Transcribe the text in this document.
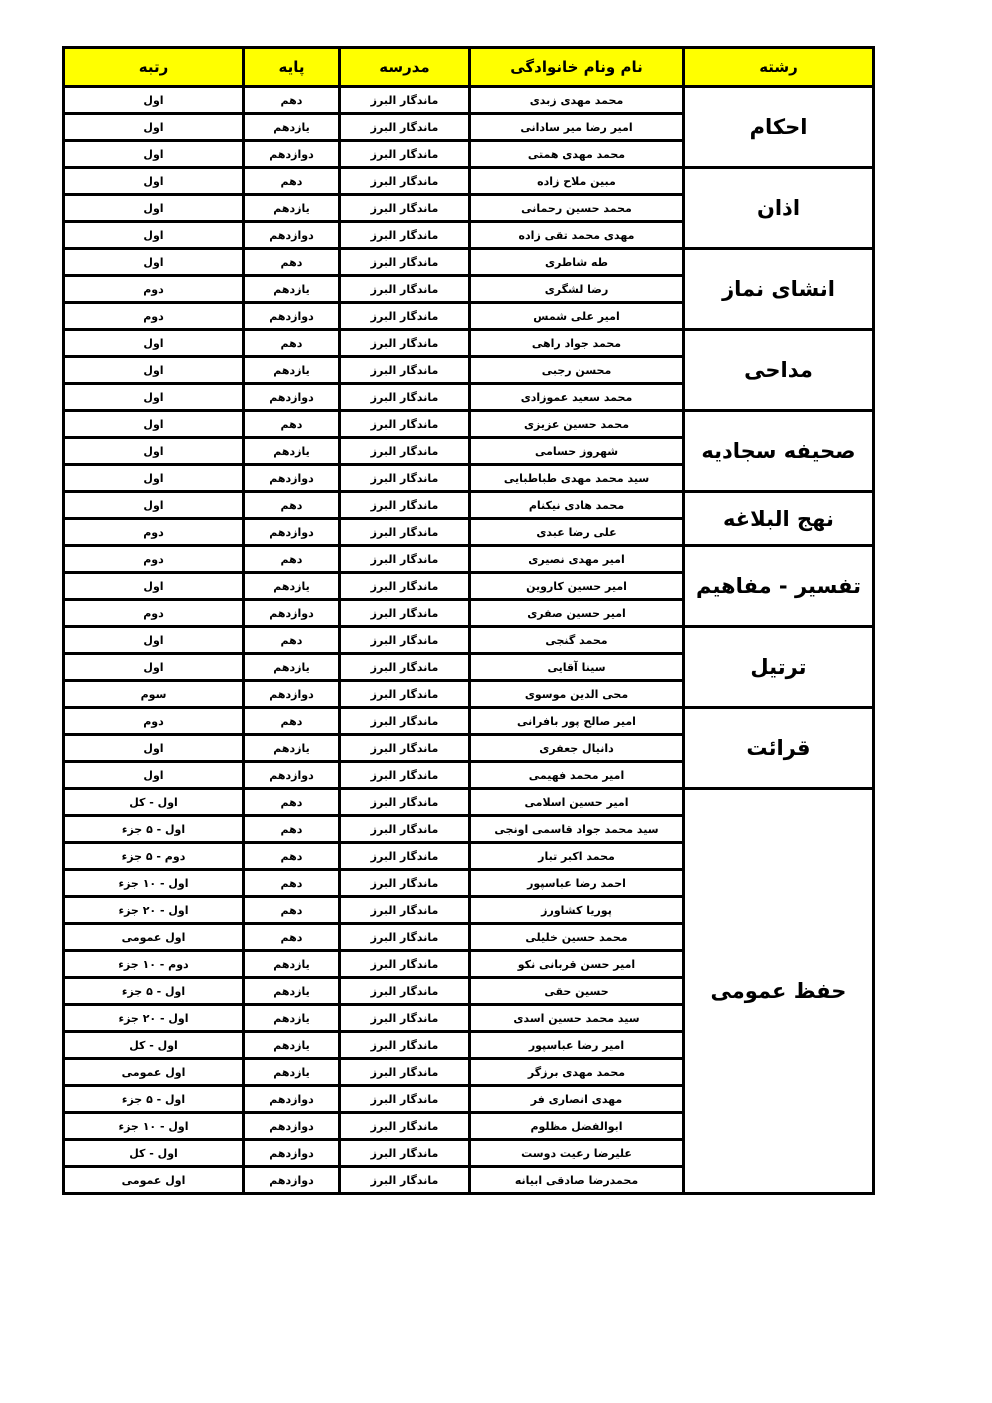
رشته	نام ونام خانوادگی	مدرسه	پایه	رتبه
احکام	محمد مهدی زبدی	ماندگار البرز	دهم	اول
	امیر رضا میر سادانی	ماندگار البرز	یازدهم	اول
	محمد مهدی همتی	ماندگار البرز	دوازدهم	اول
اذان	مبین ملاح زاده	ماندگار البرز	دهم	اول
	محمد حسین رحمانی	ماندگار البرز	یازدهم	اول
	مهدی محمد تقی زاده	ماندگار البرز	دوازدهم	اول
انشای نماز	طه شاطری	ماندگار البرز	دهم	اول
	رضا لشگری	ماندگار البرز	یازدهم	دوم
	امیر علی شمس	ماندگار البرز	دوازدهم	دوم
مداحی	محمد جواد راهی	ماندگار البرز	دهم	اول
	محسن رجبی	ماندگار البرز	یازدهم	اول
	محمد سعید عموزادی	ماندگار البرز	دوازدهم	اول
صحیفه سجادیه	محمد حسین عزیزی	ماندگار البرز	دهم	اول
	شهروز حسامی	ماندگار البرز	یازدهم	اول
	سید محمد مهدی طباطبایی	ماندگار البرز	دوازدهم	اول
نهج البلاغه	محمد هادی نیکنام	ماندگار البرز	دهم	اول
	علی رضا عبدی	ماندگار البرز	دوازدهم	دوم
تفسیر - مفاهیم	امیر مهدی نصیری	ماندگار البرز	دهم	دوم
	امیر حسین کاروین	ماندگار البرز	یازدهم	اول
	امیر حسین صفری	ماندگار البرز	دوازدهم	دوم
ترتیل	محمد گنجی	ماندگار البرز	دهم	اول
	سینا آقایی	ماندگار البرز	یازدهم	اول
	محی الدین موسوی	ماندگار البرز	دوازدهم	سوم
قرائت	امیر صالح پور بافرانی	ماندگار البرز	دهم	دوم
	دانیال جعفری	ماندگار البرز	یازدهم	اول
	امیر محمد فهیمی	ماندگار البرز	دوازدهم	اول
حفظ عمومی	امیر حسین اسلامی	ماندگار البرز	دهم	اول - کل
	سید محمد جواد قاسمی اونجی	ماندگار البرز	دهم	اول - ۵ جزء
	محمد اکبر تبار	ماندگار البرز	دهم	دوم - ۵ جزء
	احمد رضا عباسپور	ماندگار البرز	دهم	اول - ۱۰ جزء
	پوریا کشاورز	ماندگار البرز	دهم	اول - ۲۰ جزء
	محمد حسین خلیلی	ماندگار البرز	دهم	اول عمومی
	امیر حسن قربانی نکو	ماندگار البرز	یازدهم	دوم - ۱۰ جزء
	حسین حقی	ماندگار البرز	یازدهم	اول - ۵ جزء
	سید محمد حسین اسدی	ماندگار البرز	یازدهم	اول - ۲۰ جزء
	امیر رضا عباسپور	ماندگار البرز	یازدهم	اول - کل
	محمد مهدی برزگر	ماندگار البرز	یازدهم	اول عمومی
	مهدی انصاری فر	ماندگار البرز	دوازدهم	اول - ۵ جزء
	ابوالفضل مظلوم	ماندگار البرز	دوازدهم	اول - ۱۰ جزء
	علیرضا رعیت دوست	ماندگار البرز	دوازدهم	اول - کل
	محمدرضا صادقی ابیانه	ماندگار البرز	دوازدهم	اول عمومی
